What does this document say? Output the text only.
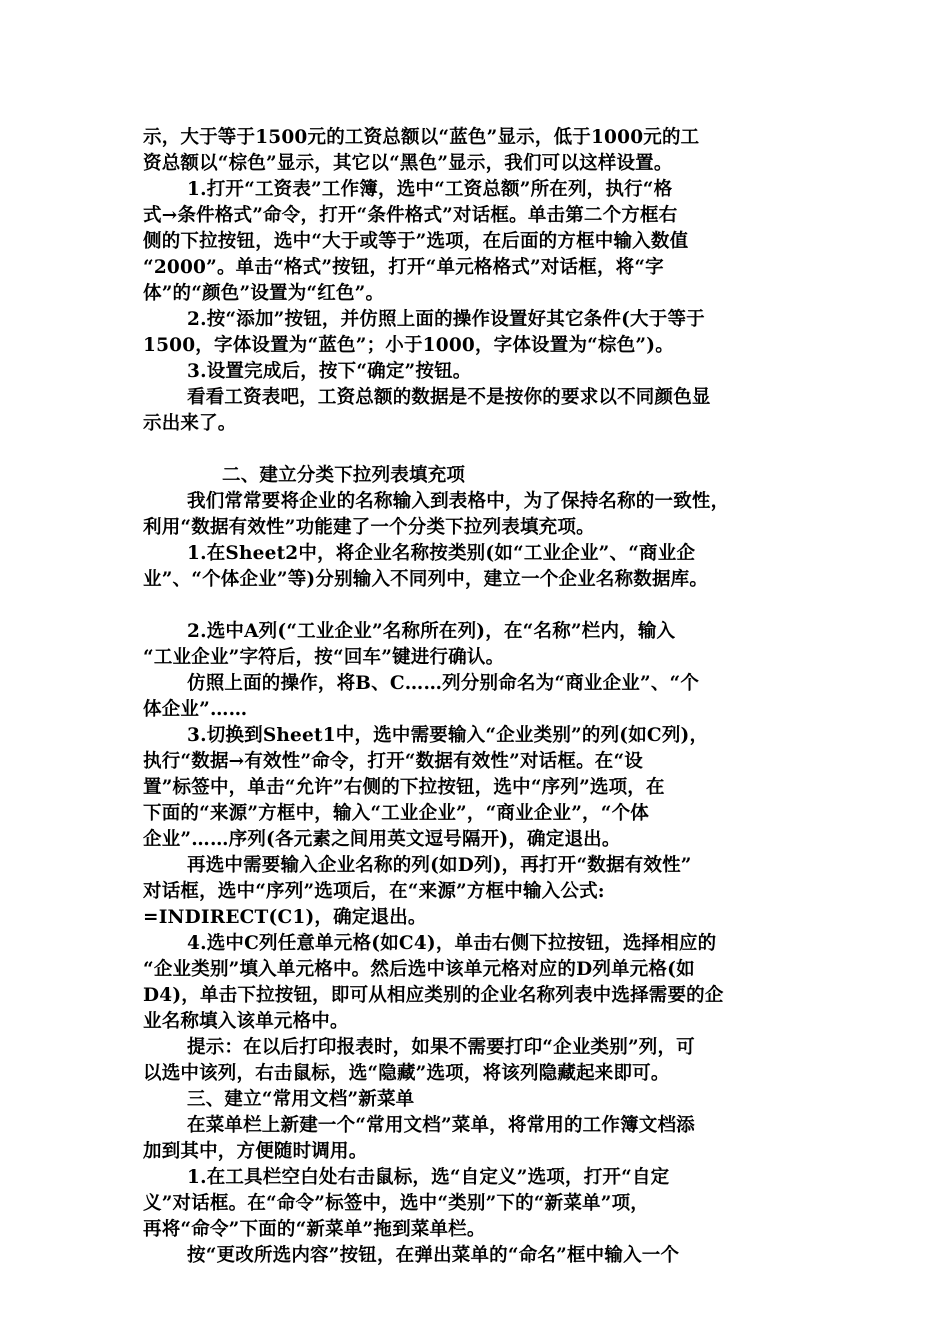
示，大于等于1500元的工资总额以“蓝色”显示，低于1000元的工
资总额以“棕色”显示，其它以“黑色”显示，我们可以这样设置。
1.打开“工资表”工作簿，选中“工资总额”所在列，执行“格
式→条件格式”命令，打开“条件格式”对话框。单击第二个方框右
侧的下拉按钮，选中“大于或等于”选项，在后面的方框中输入数值
“2000”。单击“格式”按钮，打开“单元格格式”对话框，将“字
体”的“颜色”设置为“红色”。
2.按“添加”按钮，并仿照上面的操作设置好其它条件(大于等于
1500，字体设置为“蓝色”；小于1000，字体设置为“棕色”)。
3.设置完成后，按下“确定”按钮。
看看工资表吧，工资总额的数据是不是按你的要求以不同颜色显
示出来了。
二、建立分类下拉列表填充项
我们常常要将企业的名称输入到表格中，为了保持名称的一致性，
利用“数据有效性”功能建了一个分类下拉列表填充项。
1.在Sheet2中，将企业名称按类别(如“工业企业”、“商业企
业”、“个体企业”等)分别输入不同列中，建立一个企业名称数据库。
2.选中A列(“工业企业”名称所在列)，在“名称”栏内，输入
“工业企业”字符后，按“回车”键进行确认。
仿照上面的操作，将B、C……列分别命名为“商业企业”、“个
体企业”……
3.切换到Sheet1中，选中需要输入“企业类别”的列(如C列)，
执行“数据→有效性”命令，打开“数据有效性”对话框。在“设
置”标签中，单击“允许”右侧的下拉按钮，选中“序列”选项，在
下面的“来源”方框中，输入“工业企业”，“商业企业”，“个体
企业”……序列(各元素之间用英文逗号隔开)，确定退出。
再选中需要输入企业名称的列(如D列)，再打开“数据有效性”
对话框，选中“序列”选项后，在“来源”方框中输入公式:
=INDIRECT(C1)，确定退出。
4.选中C列任意单元格(如C4)，单击右侧下拉按钮，选择相应的
“企业类别”填入单元格中。然后选中该单元格对应的D列单元格(如
D4)，单击下拉按钮，即可从相应类别的企业名称列表中选择需要的企
业名称填入该单元格中。
提示：在以后打印报表时，如果不需要打印“企业类别”列，可
以选中该列，右击鼠标，选“隐藏”选项，将该列隐藏起来即可。
三、建立“常用文档”新菜单
在菜单栏上新建一个“常用文档”菜单，将常用的工作簿文档添
加到其中，方便随时调用。
1.在工具栏空白处右击鼠标，选“自定义”选项，打开“自定
义”对话框。在“命令”标签中，选中“类别”下的“新菜单”项，
再将“命令”下面的“新菜单”拖到菜单栏。
按“更改所选内容”按钮，在弹出菜单的“命名”框中输入一个
